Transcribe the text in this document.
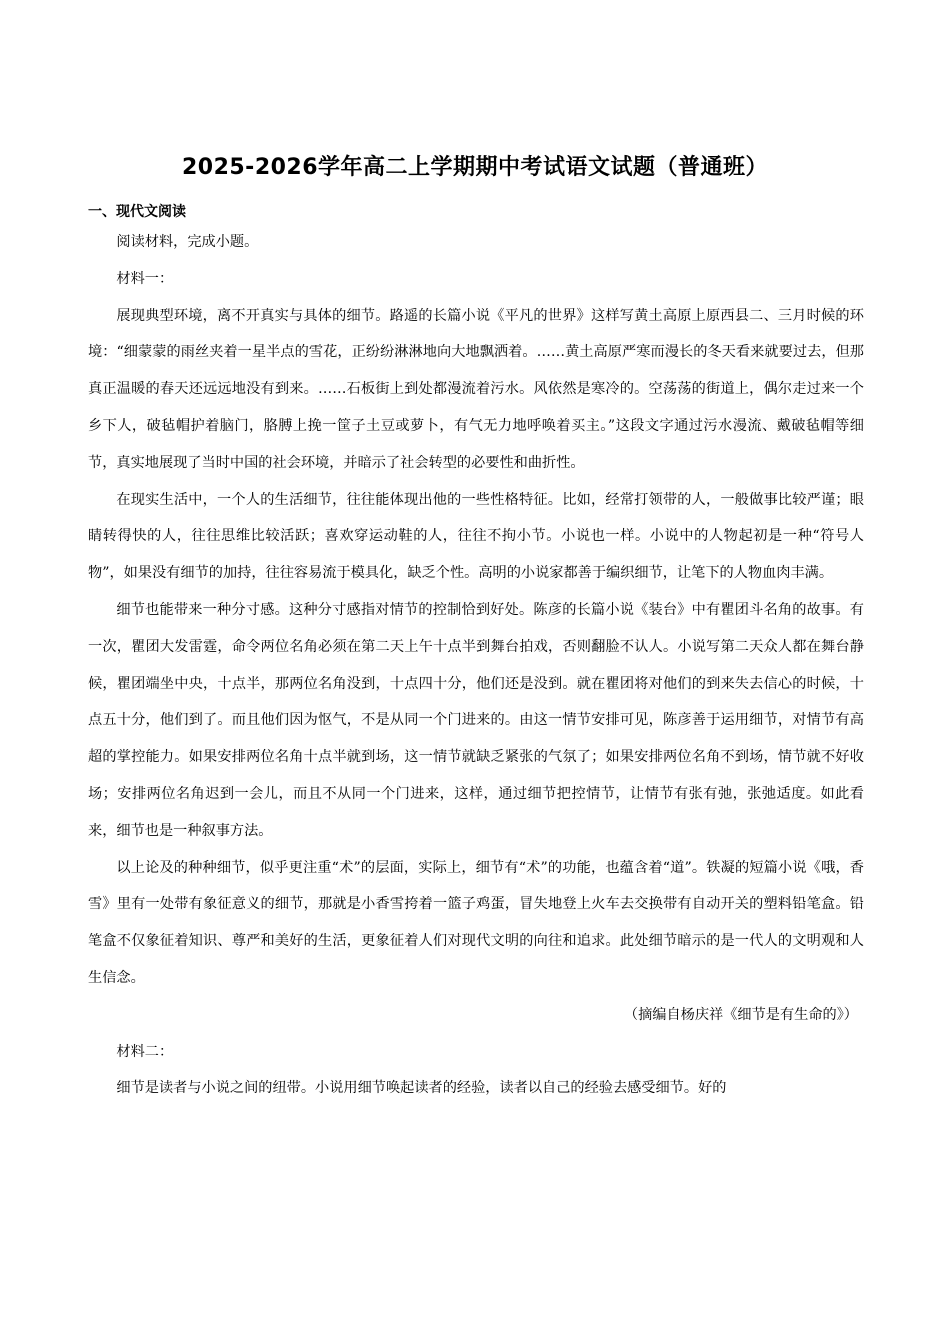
2025-2026学年高二上学期期中考试语文试题（普通班）
一、现代文阅读

阅读材料，完成小题。

材料一：

展现典型环境，离不开真实与具体的细节。路遥的长篇小说《平凡的世界》这样写黄土高原上原西县二、三月时候的环境：“细蒙蒙的雨丝夹着一星半点的雪花，正纷纷淋淋地向大地飘洒着。……黄土高原严寒而漫长的冬天看来就要过去，但那真正温暖的春天还远远地没有到来。……石板街上到处都漫流着污水。风依然是寒冷的。空荡荡的街道上，偶尔走过来一个乡下人，破毡帽护着脑门，胳膊上挽一筐子土豆或萝卜，有气无力地呼唤着买主。”这段文字通过污水漫流、戴破毡帽等细节，真实地展现了当时中国的社会环境，并暗示了社会转型的必要性和曲折性。

在现实生活中，一个人的生活细节，往往能体现出他的一些性格特征。比如，经常打领带的人，一般做事比较严谨；眼睛转得快的人，往往思维比较活跃；喜欢穿运动鞋的人，往往不拘小节。小说也一样。小说中的人物起初是一种“符号人物”，如果没有细节的加持，往往容易流于模具化，缺乏个性。高明的小说家都善于编织细节，让笔下的人物血肉丰满。

细节也能带来一种分寸感。这种分寸感指对情节的控制恰到好处。陈彦的长篇小说《装台》中有瞿团斗名角的故事。有一次，瞿团大发雷霆，命令两位名角必须在第二天上午十点半到舞台拍戏，否则翻脸不认人。小说写第二天众人都在舞台静候，瞿团端坐中央，十点半，那两位名角没到，十点四十分，他们还是没到。就在瞿团将对他们的到来失去信心的时候，十点五十分，他们到了。而且他们因为怄气，不是从同一个门进来的。由这一情节安排可见，陈彦善于运用细节，对情节有高超的掌控能力。如果安排两位名角十点半就到场，这一情节就缺乏紧张的气氛了；如果安排两位名角不到场，情节就不好收场；安排两位名角迟到一会儿，而且不从同一个门进来，这样，通过细节把控情节，让情节有张有弛，张弛适度。如此看来，细节也是一种叙事方法。

以上论及的种种细节，似乎更注重“术”的层面，实际上，细节有“术”的功能，也蕴含着“道”。铁凝的短篇小说《哦，香雪》里有一处带有象征意义的细节，那就是小香雪挎着一篮子鸡蛋，冒失地登上火车去交换带有自动开关的塑料铅笔盒。铅笔盒不仅象征着知识、尊严和美好的生活，更象征着人们对现代文明的向往和追求。此处细节暗示的是一代人的文明观和人生信念。

（摘编自杨庆祥《细节是有生命的》）

材料二：

细节是读者与小说之间的纽带。小说用细节唤起读者的经验，读者以自己的经验去感受细节。好的
